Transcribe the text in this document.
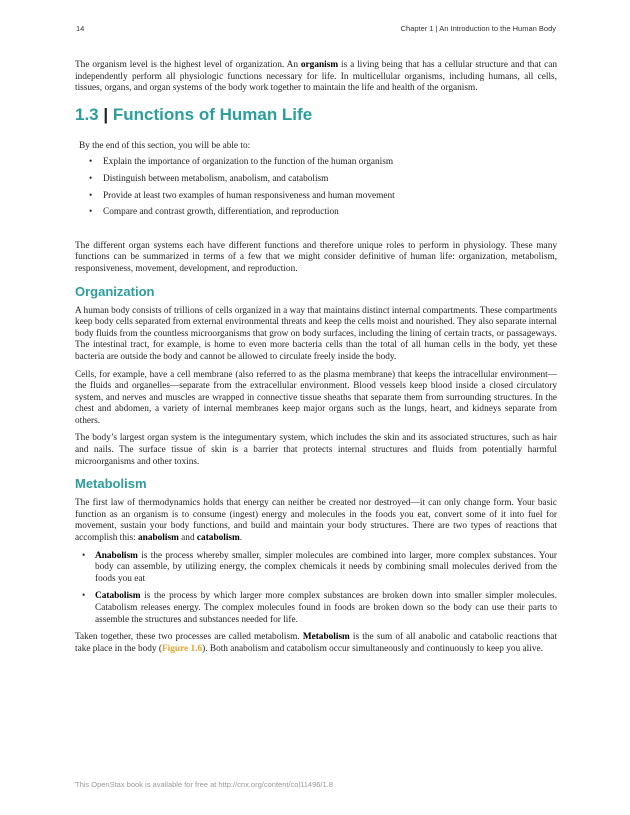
14	Chapter 1 | An Introduction to the Human Body

The organism level is the highest level of organization. An organism is a living being that has a cellular structure and that can independently perform all physiologic functions necessary for life. In multicellular organisms, including humans, all cells, tissues, organs, and organ systems of the body work together to maintain the life and health of the organism.

1.3 | Functions of Human Life
By the end of this section, you will be able to:
• Explain the importance of organization to the function of the human organism
• Distinguish between metabolism, anabolism, and catabolism
• Provide at least two examples of human responsiveness and human movement
• Compare and contrast growth, differentiation, and reproduction

The different organ systems each have different functions and therefore unique roles to perform in physiology. These many functions can be summarized in terms of a few that we might consider definitive of human life: organization, metabolism, responsiveness, movement, development, and reproduction.

Organization

A human body consists of trillions of cells organized in a way that maintains distinct internal compartments. These compartments keep body cells separated from external environmental threats and keep the cells moist and nourished. They also separate internal body fluids from the countless microorganisms that grow on body surfaces, including the lining of certain tracts, or passageways. The intestinal tract, for example, is home to even more bacteria cells than the total of all human cells in the body, yet these bacteria are outside the body and cannot be allowed to circulate freely inside the body.

Cells, for example, have a cell membrane (also referred to as the plasma membrane) that keeps the intracellular environment—the fluids and organelles—separate from the extracellular environment. Blood vessels keep blood inside a closed circulatory system, and nerves and muscles are wrapped in connective tissue sheaths that separate them from surrounding structures. In the chest and abdomen, a variety of internal membranes keep major organs such as the lungs, heart, and kidneys separate from others.

The body’s largest organ system is the integumentary system, which includes the skin and its associated structures, such as hair and nails. The surface tissue of skin is a barrier that protects internal structures and fluids from potentially harmful microorganisms and other toxins.

Metabolism

The first law of thermodynamics holds that energy can neither be created nor destroyed—it can only change form. Your basic function as an organism is to consume (ingest) energy and molecules in the foods you eat, convert some of it into fuel for movement, sustain your body functions, and build and maintain your body structures. There are two types of reactions that accomplish this: anabolism and catabolism.

• Anabolism is the process whereby smaller, simpler molecules are combined into larger, more complex substances. Your body can assemble, by utilizing energy, the complex chemicals it needs by combining small molecules derived from the foods you eat
• Catabolism is the process by which larger more complex substances are broken down into smaller simpler molecules. Catabolism releases energy. The complex molecules found in foods are broken down so the body can use their parts to assemble the structures and substances needed for life.

Taken together, these two processes are called metabolism. Metabolism is the sum of all anabolic and catabolic reactions that take place in the body (Figure 1.6). Both anabolism and catabolism occur simultaneously and continuously to keep you alive.

This OpenStax book is available for free at http://cnx.org/content/col11496/1.8
